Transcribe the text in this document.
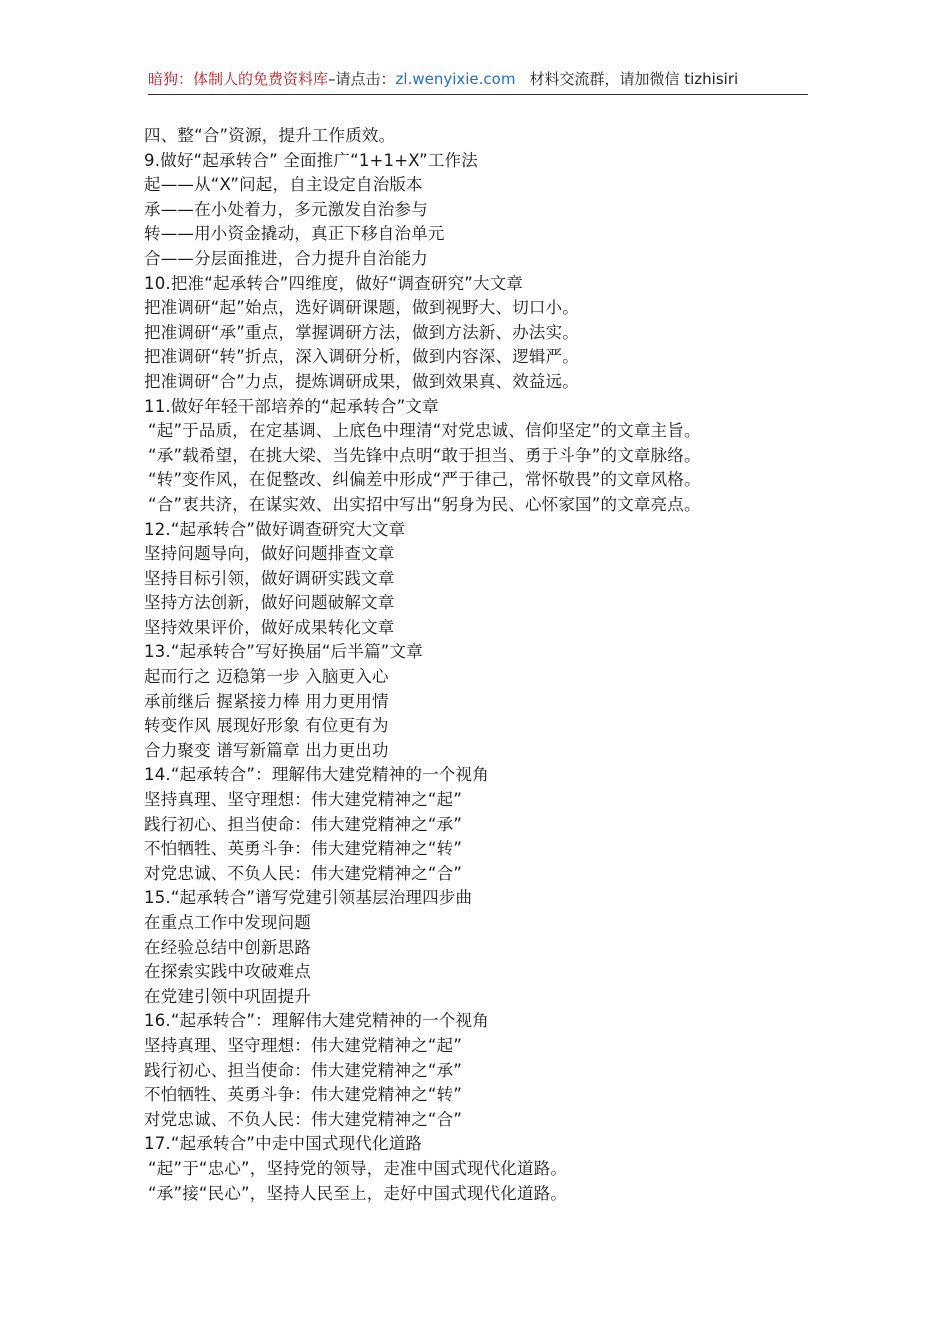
暗狗：体制人的免费资料库–请点击：zl.wenyixie.com 材料交流群，请加微信 tizhisiri
四、整“合”资源，提升工作质效。
9.做好“起承转合” 全面推广“1+1+X”工作法
起——从“X”问起，自主设定自治版本
承——在小处着力，多元激发自治参与
转——用小资金撬动，真正下移自治单元
合——分层面推进，合力提升自治能力
10.把准“起承转合”四维度，做好“调查研究”大文章
把准调研“起”始点，选好调研课题，做到视野大、切口小。
把准调研“承”重点，掌握调研方法，做到方法新、办法实。
把准调研“转”折点，深入调研分析，做到内容深、逻辑严。
把准调研“合”力点，提炼调研成果，做到效果真、效益远。
11.做好年轻干部培养的“起承转合”文章
“起”于品质，在定基调、上底色中理清“对党忠诚、信仰坚定”的文章主旨。
“承”载希望，在挑大梁、当先锋中点明“敢于担当、勇于斗争”的文章脉络。
“转”变作风，在促整改、纠偏差中形成“严于律己，常怀敬畏”的文章风格。
“合”衷共济，在谋实效、出实招中写出“躬身为民、心怀家国”的文章亮点。
12.“起承转合”做好调查研究大文章
坚持问题导向，做好问题排查文章
坚持目标引领，做好调研实践文章
坚持方法创新，做好问题破解文章
坚持效果评价，做好成果转化文章
13.“起承转合”写好换届“后半篇”文章
起而行之 迈稳第一步 入脑更入心
承前继后 握紧接力棒 用力更用情
转变作风 展现好形象 有位更有为
合力聚变 谱写新篇章 出力更出功
14.“起承转合”：理解伟大建党精神的一个视角
坚持真理、坚守理想：伟大建党精神之“起”
践行初心、担当使命：伟大建党精神之“承”
不怕牺牲、英勇斗争：伟大建党精神之“转”
对党忠诚、不负人民：伟大建党精神之“合”
15.“起承转合”谱写党建引领基层治理四步曲
在重点工作中发现问题
在经验总结中创新思路
在探索实践中攻破难点
在党建引领中巩固提升
16.“起承转合”：理解伟大建党精神的一个视角
坚持真理、坚守理想：伟大建党精神之“起”
践行初心、担当使命：伟大建党精神之“承”
不怕牺牲、英勇斗争：伟大建党精神之“转”
对党忠诚、不负人民：伟大建党精神之“合”
17.“起承转合”中走中国式现代化道路
“起”于“忠心”，坚持党的领导，走准中国式现代化道路。
“承”接“民心”，坚持人民至上，走好中国式现代化道路。
